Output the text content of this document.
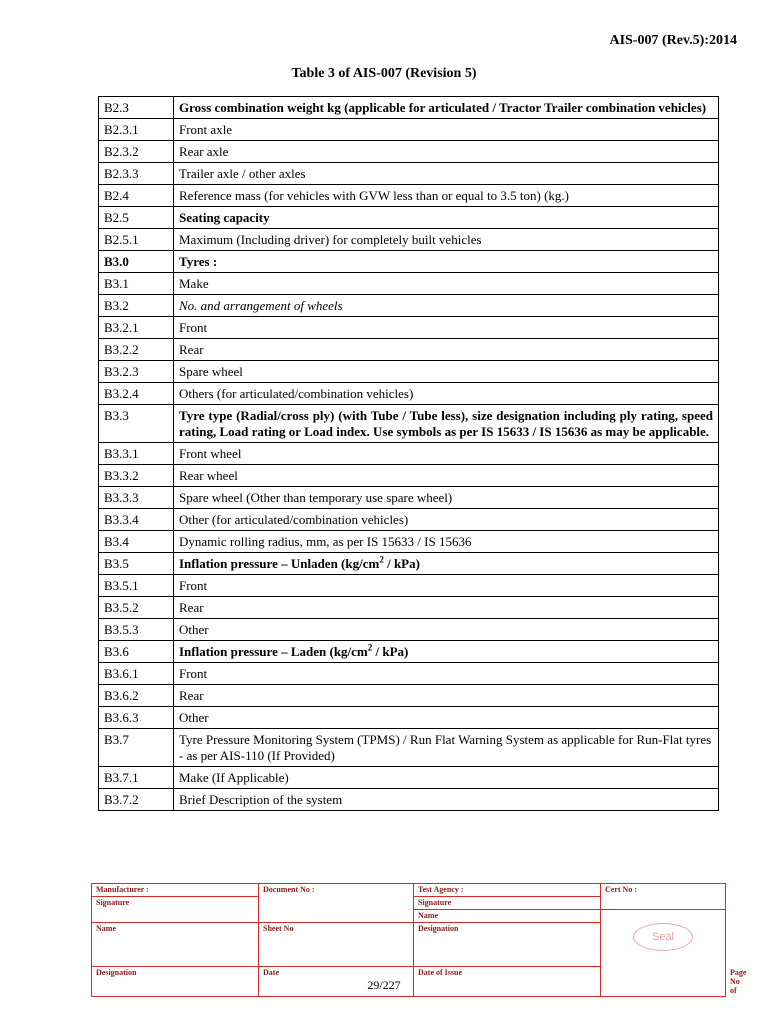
AIS-007 (Rev.5):2014
Table 3 of AIS-007 (Revision 5)
B2.3	Gross combination weight kg (applicable for articulated / Tractor Trailer combination vehicles)
B2.3.1	Front axle
B2.3.2	Rear axle
B2.3.3	Trailer axle / other axles
B2.4	Reference mass (for vehicles with GVW less than or equal to 3.5 ton) (kg.)
B2.5	Seating capacity
B2.5.1	Maximum (Including driver) for completely built vehicles
B3.0	Tyres :
B3.1	Make
B3.2	No. and arrangement of wheels
B3.2.1	Front
B3.2.2	Rear
B3.2.3	Spare wheel
B3.2.4	Others (for articulated/combination vehicles)
B3.3	Tyre type (Radial/cross ply) (with Tube / Tube less), size designation including ply rating, speed rating, Load rating or Load index. Use symbols as per IS 15633 / IS 15636 as may be applicable.
B3.3.1	Front wheel
B3.3.2	Rear wheel
B3.3.3	Spare wheel (Other than temporary use spare wheel)
B3.3.4	Other (for articulated/combination vehicles)
B3.4	Dynamic rolling radius, mm, as per IS 15633 / IS 15636
B3.5	Inflation pressure – Unladen $(kg/cm^2 / kPa)$
B3.5.1	Front
B3.5.2	Rear
B3.5.3	Other
B3.6	Inflation pressure – Laden $(kg/cm^2 / kPa)$
B3.6.1	Front
B3.6.2	Rear
B3.6.3	Other
B3.7	Tyre Pressure Monitoring System (TPMS) / Run Flat Warning System as applicable for Run-Flat tyres - as per AIS-110 (If Provided)
B3.7.1	Make (If Applicable)
B3.7.2	Brief Description of the system
Manufacturer :	Document No :	Test Agency :	Cert No :	
Signature		Signature		
		Name	Seal	

Name	Sheet No	Designation		
Designation	Date	Date of Issue		Page No of
29/227
